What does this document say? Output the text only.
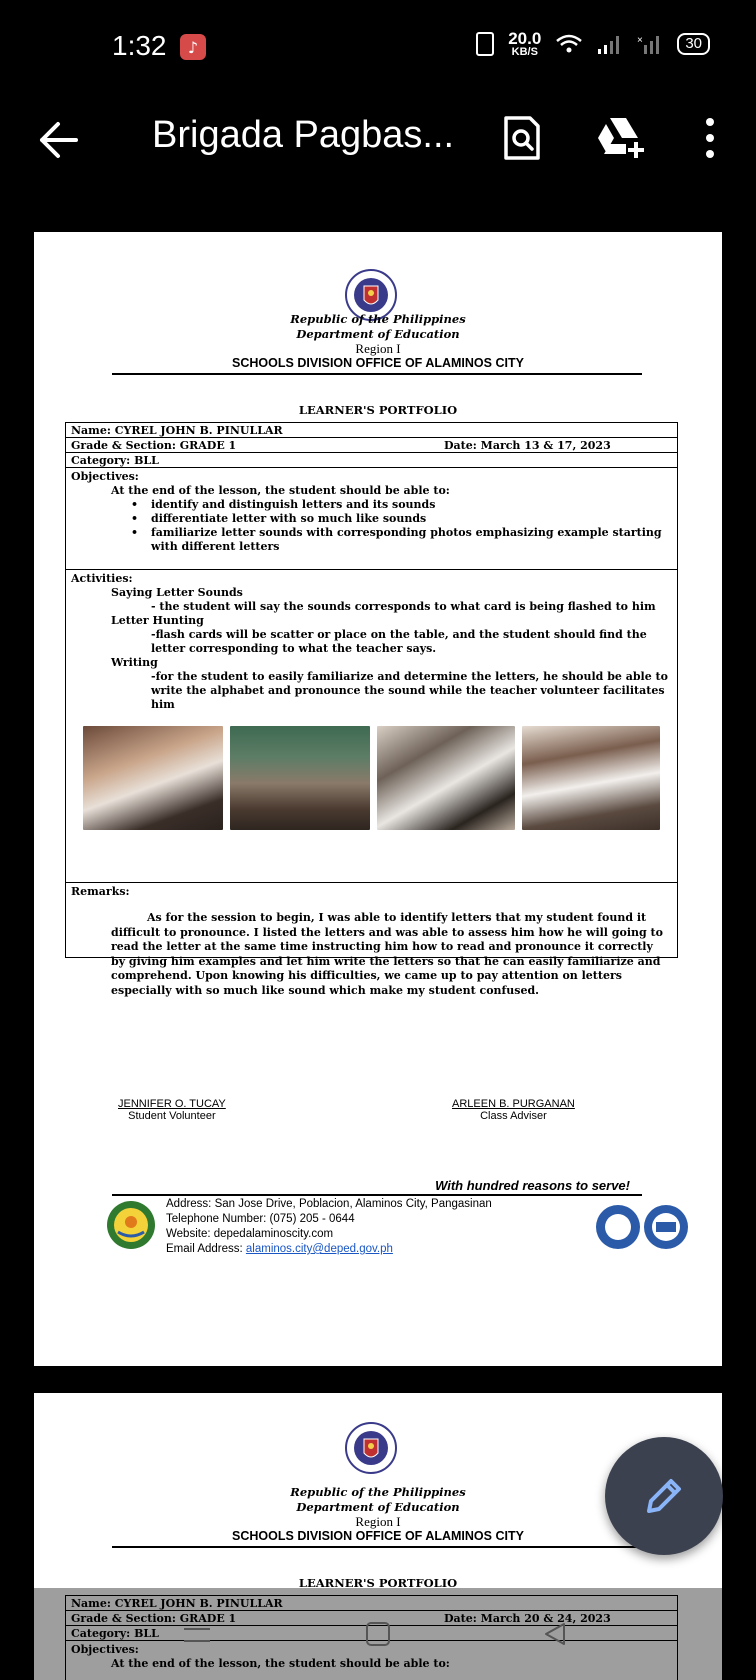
1:32	♪	20.0
KB/S
×	30
Brigada Pagbas...
Republic of the Philippines
Department of Education
Region I
SCHOOLS DIVISION OFFICE OF ALAMINOS CITY
LEARNER'S PORTFOLIO
Name: CYREL JOHN B. PINULLAR
Grade & Section: GRADE 1	Date: March 13 & 17, 2023
Category: BLL
Objectives:
At the end of the lesson, the student should be able to:
• identify and distinguish letters and its sounds
• differentiate letter with so much like sounds
• familiarize letter sounds with corresponding photos emphasizing example starting with different letters
Activities:
Saying Letter Sounds
- the student will say the sounds corresponds to what card is being flashed to him
Letter Hunting
-flash cards will be scatter or place on the table, and the student should find the letter corresponding to what the teacher says.
Writing
-for the student to easily familiarize and determine the letters, he should be able to write the alphabet and pronounce the sound while the teacher volunteer facilitates him
Remarks:
As for the session to begin, I was able to identify letters that my student found it difficult to pronounce. I listed the letters and was able to assess him how he will going to read the letter at the same time instructing him how to read and pronounce it correctly by giving him examples and let him write the letters so that he can easily familiarize and comprehend. Upon knowing his difficulties, we came up to pay attention on letters especially with so much like sound which make my student confused.
JENNIFER O. TUCAY
Student Volunteer
ARLEEN B. PURGANAN
Class Adviser
With hundred reasons to serve!
Address: San Jose Drive, Poblacion, Alaminos City, Pangasinan
Telephone Number: (075) 205 - 0644
Website: depedalaminoscity.com
Email Address: alaminos.city@deped.gov.ph
Republic of the Philippines
Department of Education
Region I
SCHOOLS DIVISION OFFICE OF ALAMINOS CITY
LEARNER'S PORTFOLIO
Name: CYREL JOHN B. PINULLAR
Grade & Section: GRADE 1	Date: March 20 & 24, 2023
Category: BLL
Objectives:
At the end of the lesson, the student should be able to:
